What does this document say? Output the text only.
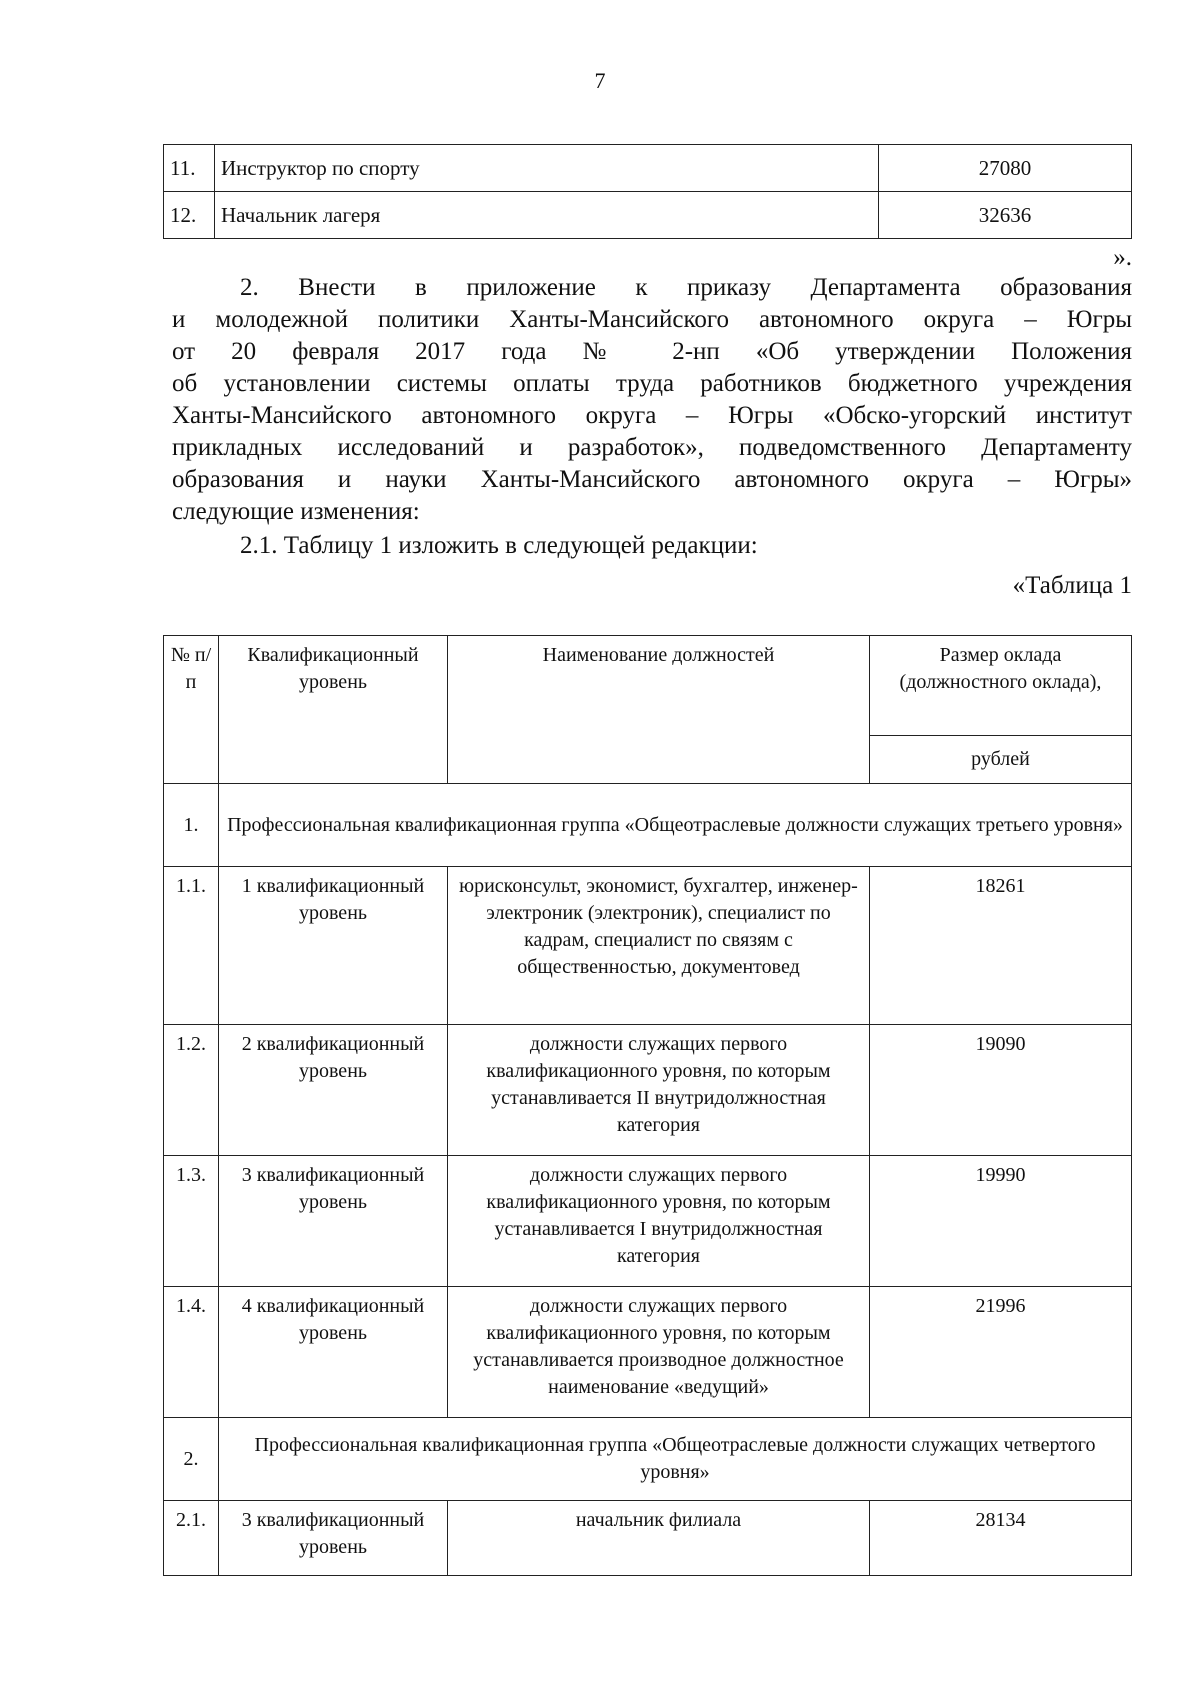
7
11.	Инструктор по спорту	27080
12.	Начальник лагеря	32636
».
2. Внести в приложение к приказу Департамента образования
и молодежной политики Ханты-Мансийского автономного округа – Югры
от 20 февраля 2017 года № 2-нп «Об утверждении Положения
об установлении системы оплаты труда работников бюджетного учреждения
Ханты-Мансийского автономного округа – Югры «Обско-угорский институт
прикладных исследований и разработок», подведомственного Департаменту
образования и науки Ханты-Мансийского автономного округа – Югры»
следующие изменения:
2.1. Таблицу 1 изложить в следующей редакции:
«Таблица 1
№ п/п	Квалификационный уровень	Наименование должностей	Размер оклада (должностного оклада),
			рублей
1.	Профессиональная квалификационная группа «Общеотраслевые должности служащих третьего уровня»		
1.1.	1 квалификационный уровень	юрисконсульт, экономист, бухгалтер, инженер-электроник (электроник), специалист по кадрам, специалист по связям с общественностью, документовед	18261
1.2.	2 квалификационный уровень	должности служащих первого квалификационного уровня, по которым устанавливается II внутридолжностная категория	19090
1.3.	3 квалификационный уровень	должности служащих первого квалификационного уровня, по которым устанавливается I внутридолжностная категория	19990
1.4.	4 квалификационный уровень	должности служащих первого квалификационного уровня, по которым устанавливается производное должностное наименование «ведущий»	21996
2.	Профессиональная квалификационная группа «Общеотраслевые должности служащих четвертого уровня»		
2.1.	3 квалификационный уровень	начальник филиала	28134
